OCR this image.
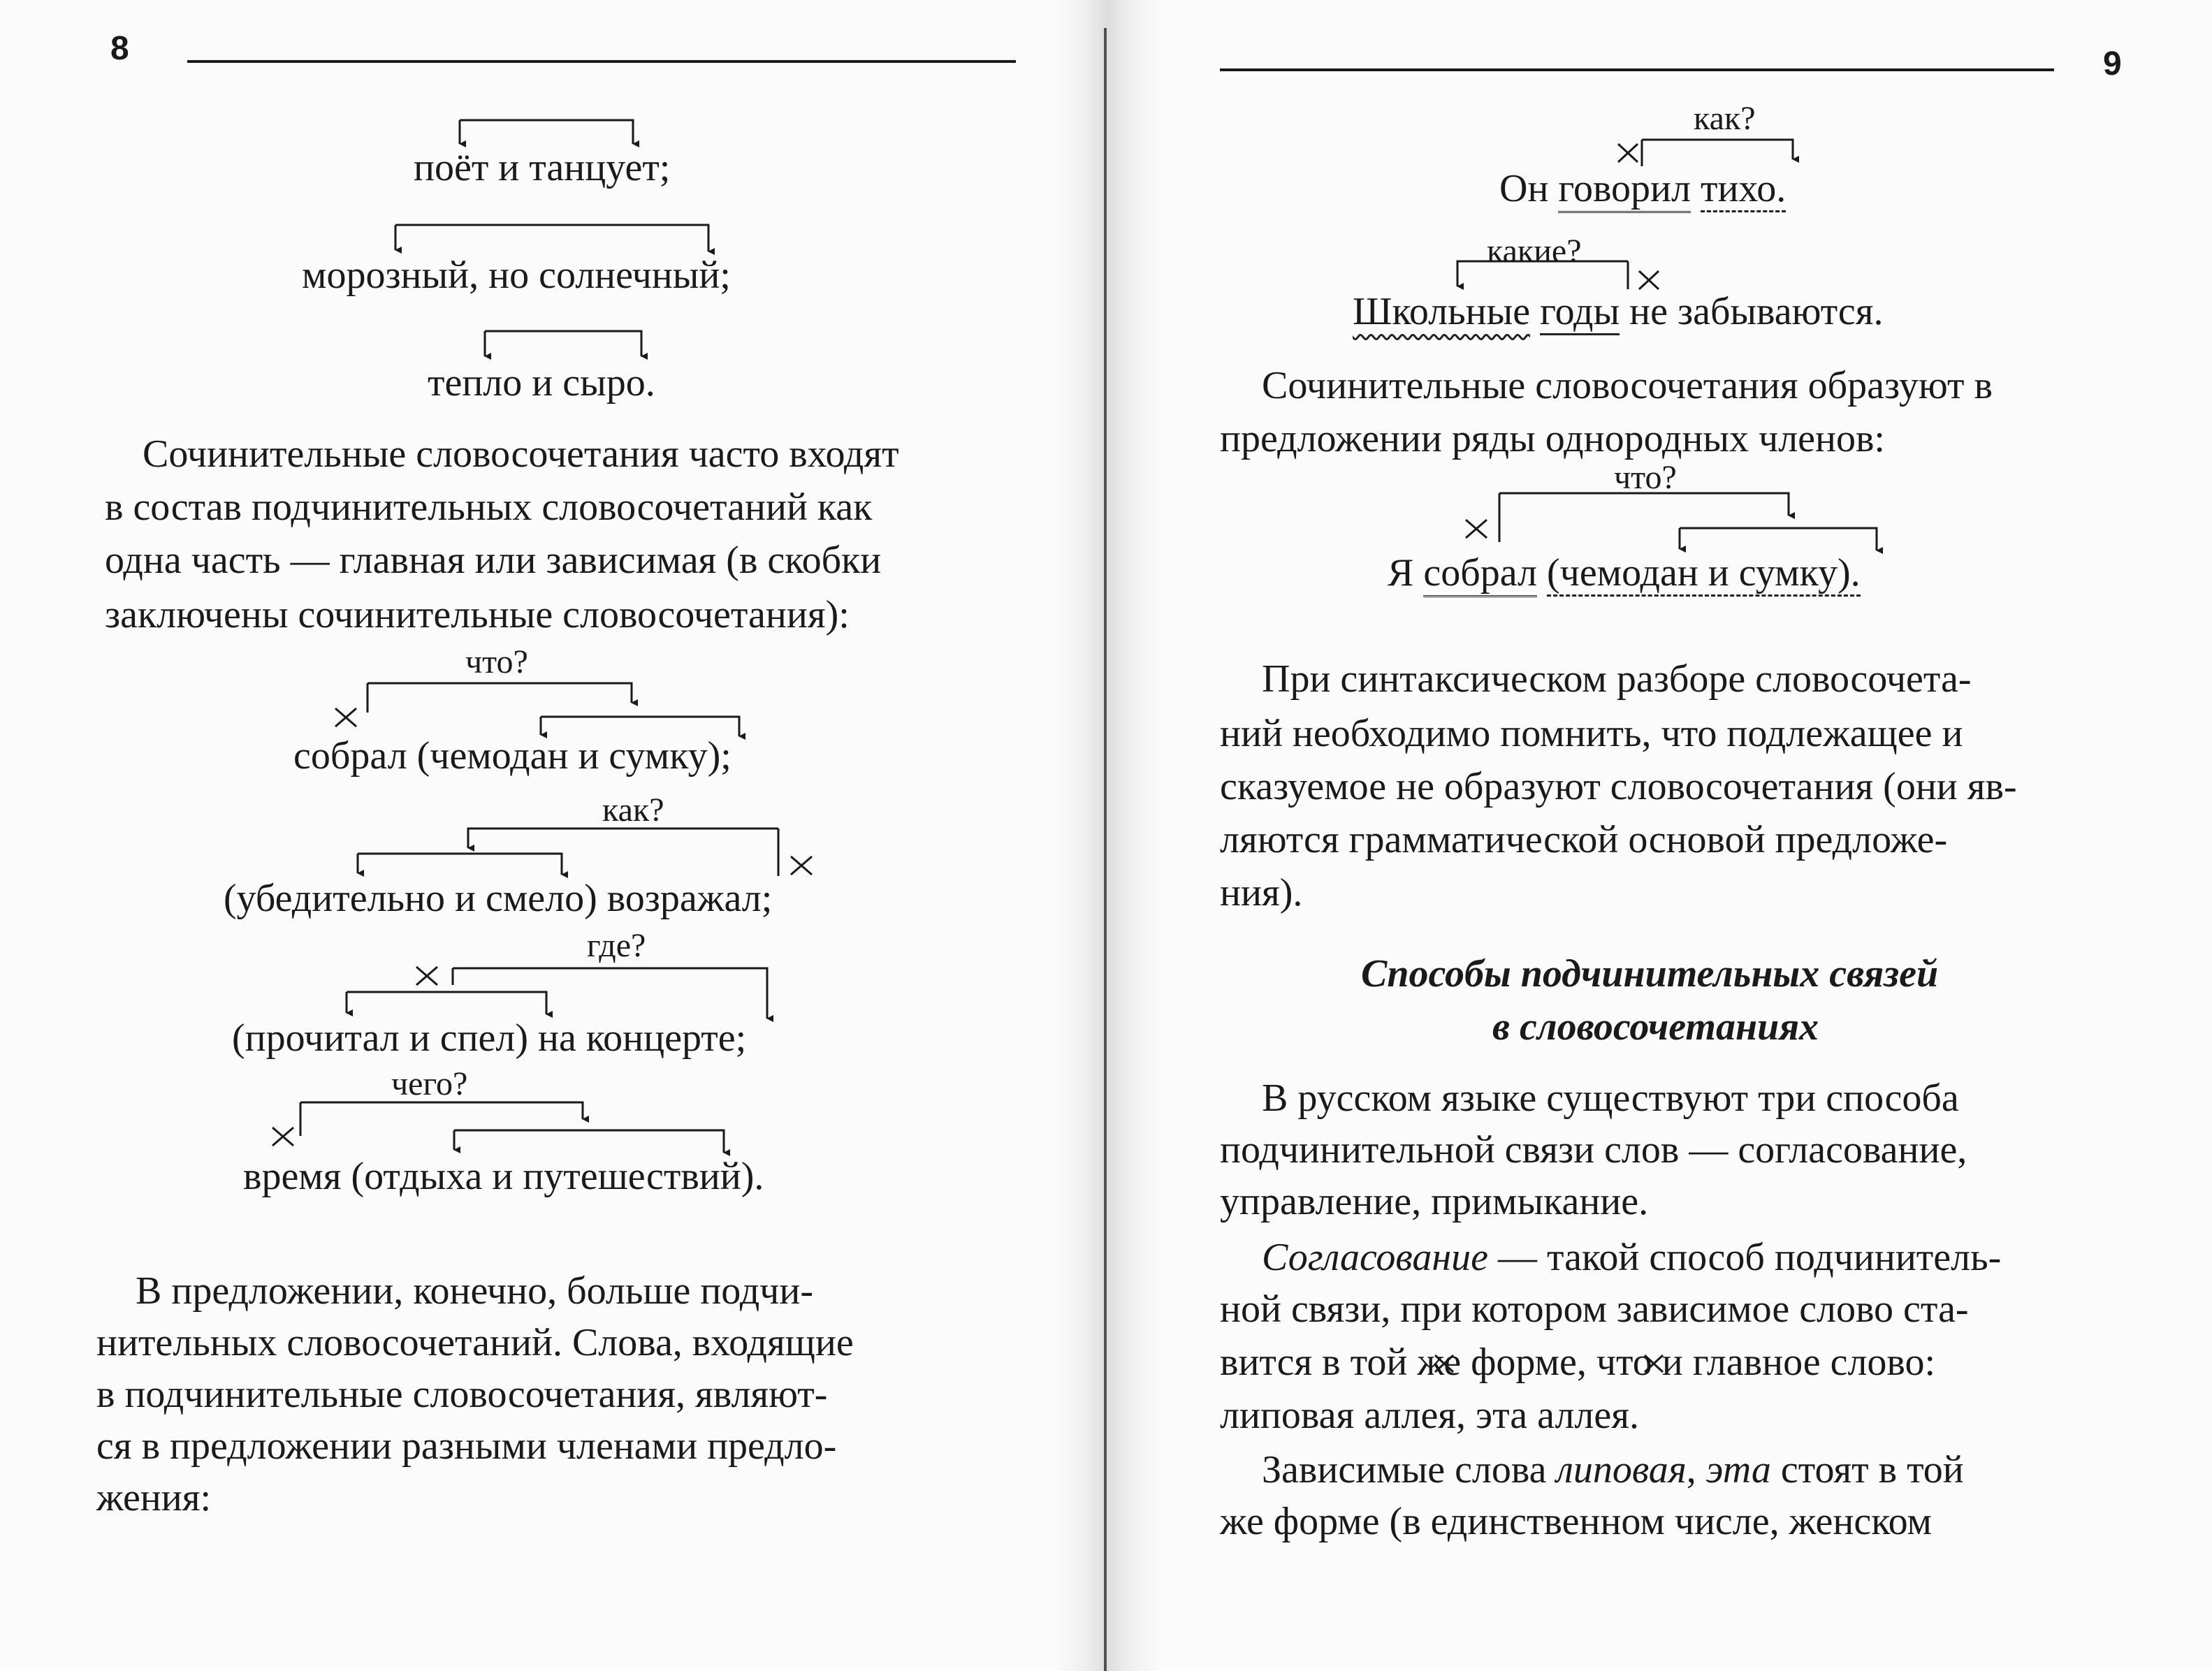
8
поёт и танцует;
морозный, но солнечный;
тепло и сыро.
Сочинительные словосочетания часто входят
в состав подчинительных словосочетаний как
одна часть — главная или зависимая (в скобки
заключены сочинительные словосочетания):
что?
собрал (чемодан и сумку);
как?
(убедительно и смело) возражал;
где?
(прочитал и спел) на концерте;
чего?
время (отдыха и путешествий).
В предложении, конечно, больше подчи-
нительных словосочетаний. Слова, входящие
в подчинительные словосочетания, являют-
ся в предложении разными членами предло-
жения:
9
как?
Он говорил тихо.
какие?
Школьные годы не забываются.
Сочинительные словосочетания образуют в
предложении ряды однородных членов:
что?
Я собрал (чемодан и сумку).
При синтаксическом разборе словосочета-
ний необходимо помнить, что подлежащее и
сказуемое не образуют словосочетания (они яв-
ляются грамматической основой предложе-
ния).
Способы подчинительных связей
в словосочетаниях
В русском языке существуют три способа
подчинительной связи слов — согласование,
управление, примыкание.
Согласование — такой способ подчинитель-
ной связи, при котором зависимое слово ста-
вится в той же форме, что и главное слово:
липовая аллея, эта аллея.
Зависимые слова липовая, эта стоят в той
же форме (в единственном числе, женском
